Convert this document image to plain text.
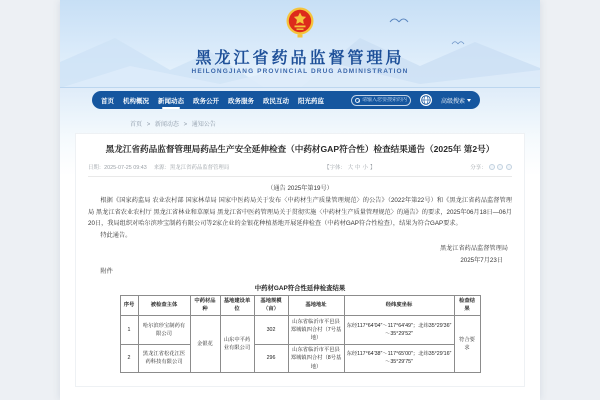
黑龙江省药品监督管理局
HEILONGJIANG PROVINCIAL DRUG ADMINISTRATION
首页 机构概况 新闻动态 政务公开 政务服务 政民互动 阳光药监
请输入您要搜索的内容	高级搜索
首页 > 新闻动态 > 通知公告
黑龙江省药品监督管理局药品生产安全延伸检查（中药材GAP符合性）检查结果通告（2025年 第2号）
日期：2025-07-25 09:43 来源：黑龙江省药品监督管理局	【字体： 大 中 小 】	分享：
（通告 2025年第19号）
根据《国家药监局 农业农村部 国家林草局 国家中医药局关于发布〈中药材生产质量管理规范〉的公告》（2022年第22号）和《黑龙江省药品监督管理局 黑龙江省农业农村厅 黑龙江省林业和草原局 黑龙江省中医药管理局关于贯彻实施〈中药材生产质量管理规范〉的通告》的要求，2025年06月18日—06月20日，我局组织对哈尔滨珍宝制药有限公司等2家企业的金银花种植基地开展延伸检查（中药材GAP符合性检查），结果为符合GAP要求。
特此通告。
黑龙江省药品监督管理局
2025年7月23日
附件
中药材GAP符合性延伸检查结果
序号	被检查主体	中药材品种	基地建设单位	基地规模（亩）	基地地址	经纬度坐标	检查结果
1	哈尔滨珍宝制药有限公司	金银花	山东中平药业有限公司	302	山东省临沂市平邑县郑城镇四合村（7号基地）	东经117°64′04″～117°64′49″；北纬35°29′36″～35°29′52″	符合要求
2	黑龙江省松花江医药科技有限公司			296	山东省临沂市平邑县郑城镇四合村（8号基地）	东经117°64′38″～117°65′00″；北纬35°29′16″～35°29′75″	
